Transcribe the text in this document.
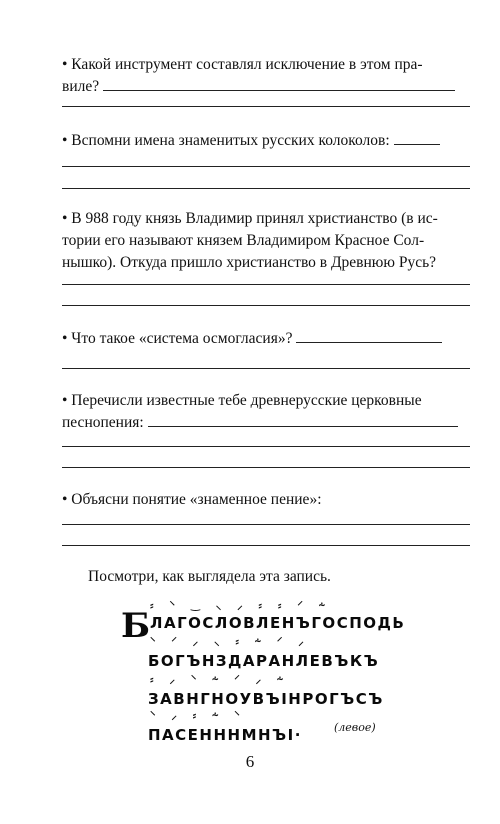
• Какой инструмент составлял исключение в этом пра-

виле?

• Вспомни имена знаменитых русских колоколов:

• В 988 году князь Владимир принял христианство (в ис-

тории его называют князем Владимиром Красное Сол-

нышко). Откуда пришло христианство в Древнюю Русь?

• Что такое «система осмогласия»?

• Перечисли известные тебе древнерусские церковные

песнопения:

• Объясни понятие «знаменное пение»:

Посмотри, как выглядела эта запись.
⸗ ⸌ ‿ ⸜ ⸝ ⸗ ⸗ ⸍ ⸞
Б ЛАГОСЛОВЛЕНЪГОСПОДЬ
⸌ ⸍ ⸝ ⸜ ⸗ ⸞ ⸍ ⸝
БОГЪНЗДАРАНЛЕВЪКЪ
⸗ ⸝ ⸌ ⸞ ⸍ ⸝ ⸞
ЗАВНГНОУВЪІНРОГЪСЪ
⸌ ⸝ ⸗ ⸞ ⸌
ПАСЕНННМНЪІ·	(левое)
6
